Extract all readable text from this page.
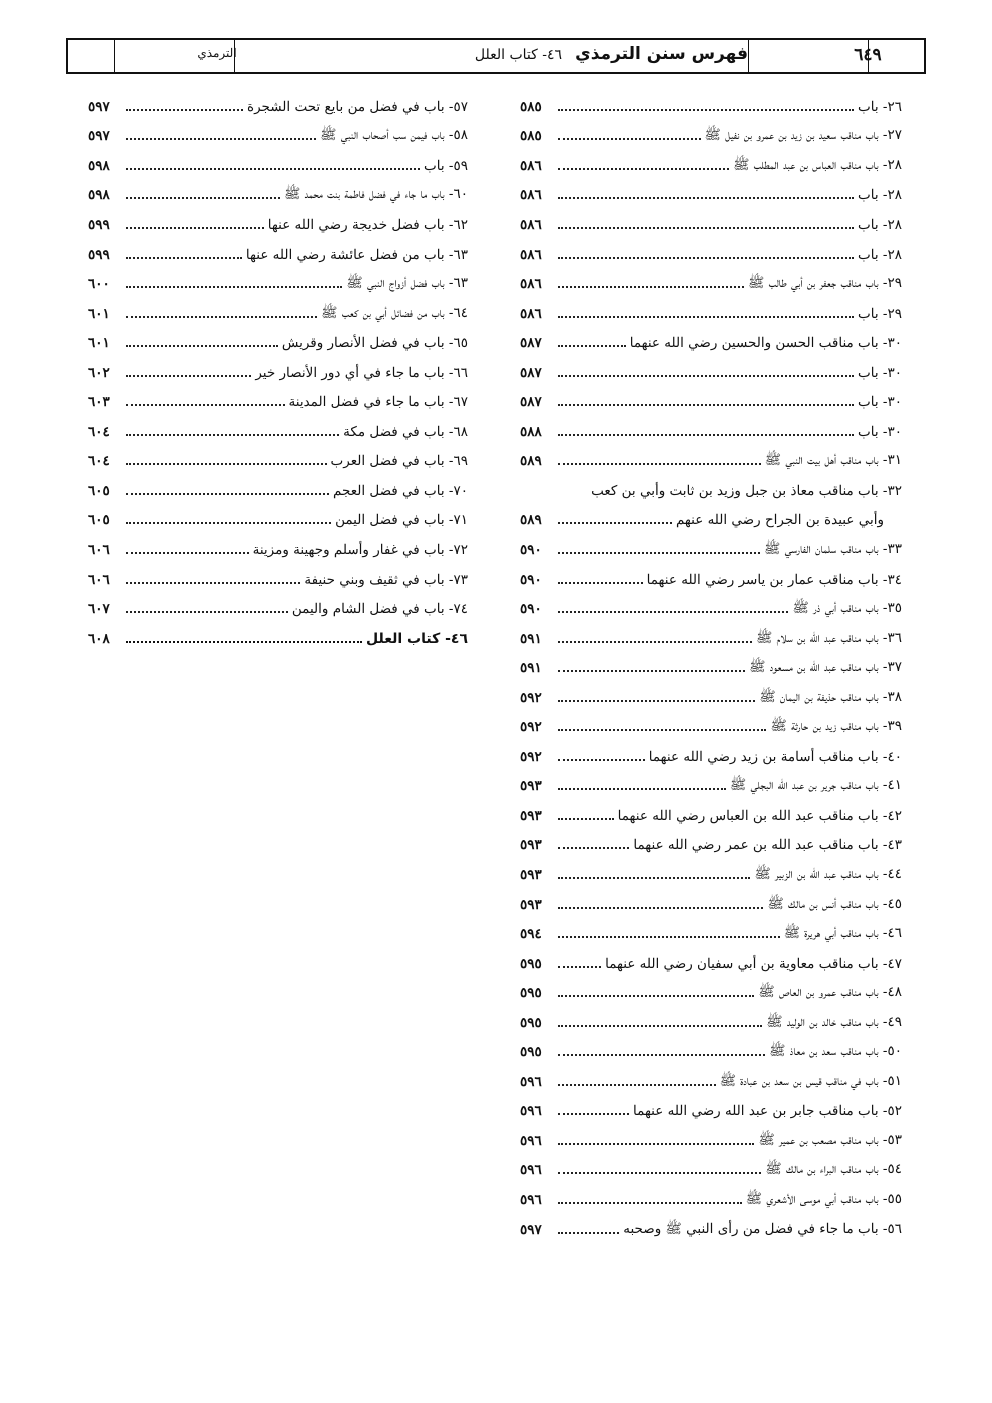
الترمذي	فهرس سنن الترمذي ٤٦- كتاب العلل	٦٤٩
٢٦- باب
٥٨٥
٢٧- باب مناقب سعيد بن زيد بن عمرو بن نفيل ﷺ
٥٨٥
٢٨- باب مناقب العباس بن عبد المطلب ﷺ
٥٨٦
٢٨- باب
٥٨٦
٢٨- باب
٥٨٦
٢٨- باب
٥٨٦
٢٩- باب مناقب جعفر بن أبي طالب ﷺ
٥٨٦
٢٩- باب
٥٨٦
٣٠- باب مناقب الحسن والحسين رضي الله عنهما
٥٨٧
٣٠- باب
٥٨٧
٣٠- باب
٥٨٧
٣٠- باب
٥٨٨
٣١- باب مناقب أهل بيت النبي ﷺ
٥٨٩
٣٢- باب مناقب معاذ بن جبل وزيد بن ثابت وأبي بن كعب
وأبي عبيدة بن الجراح رضي الله عنهم
٥٨٩
٣٣- باب مناقب سلمان الفارسي ﷺ
٥٩٠
٣٤- باب مناقب عمار بن ياسر رضي الله عنهما
٥٩٠
٣٥- باب مناقب أبي ذر ﷺ
٥٩٠
٣٦- باب مناقب عبد الله بن سلام ﷺ
٥٩١
٣٧- باب مناقب عبد الله بن مسعود ﷺ
٥٩١
٣٨- باب مناقب حذيفة بن اليمان ﷺ
٥٩٢
٣٩- باب مناقب زيد بن حارثة ﷺ
٥٩٢
٤٠- باب مناقب أسامة بن زيد رضي الله عنهما
٥٩٢
٤١- باب مناقب جرير بن عبد الله البجلي ﷺ
٥٩٣
٤٢- باب مناقب عبد الله بن العباس رضي الله عنهما
٥٩٣
٤٣- باب مناقب عبد الله بن عمر رضي الله عنهما
٥٩٣
٤٤- باب مناقب عبد الله بن الزبير ﷺ
٥٩٣
٤٥- باب مناقب أنس بن مالك ﷺ
٥٩٣
٤٦- باب مناقب أبي هريرة ﷺ
٥٩٤
٤٧- باب مناقب معاوية بن أبي سفيان رضي الله عنهما
٥٩٥
٤٨- باب مناقب عمرو بن العاص ﷺ
٥٩٥
٤٩- باب مناقب خالد بن الوليد ﷺ
٥٩٥
٥٠- باب مناقب سعد بن معاذ ﷺ
٥٩٥
٥١- باب في مناقب قيس بن سعد بن عبادة ﷺ
٥٩٦
٥٢- باب مناقب جابر بن عبد الله رضي الله عنهما
٥٩٦
٥٣- باب مناقب مصعب بن عمير ﷺ
٥٩٦
٥٤- باب مناقب البراء بن مالك ﷺ
٥٩٦
٥٥- باب مناقب أبي موسى الأشعري ﷺ
٥٩٦
٥٦- باب ما جاء في فضل من رأى النبي ﷺ وصحبه
٥٩٧
٥٧- باب في فضل من بايع تحت الشجرة
٥٩٧
٥٨- باب فيمن سب أصحاب النبي ﷺ
٥٩٧
٥٩- باب
٥٩٨
٦٠- باب ما جاء في فضل فاطمة بنت محمد ﷺ
٥٩٨
٦٢- باب فضل خديجة رضي الله عنها
٥٩٩
٦٣- باب من فضل عائشة رضي الله عنها
٥٩٩
٦٣- باب فضل أزواج النبي ﷺ
٦٠٠
٦٤- باب من فضائل أبي بن كعب ﷺ
٦٠١
٦٥- باب في فضل الأنصار وقريش
٦٠١
٦٦- باب ما جاء في أي دور الأنصار خير
٦٠٢
٦٧- باب ما جاء في فضل المدينة
٦٠٣
٦٨- باب في فضل مكة
٦٠٤
٦٩- باب في فضل العرب
٦٠٤
٧٠- باب في فضل العجم
٦٠٥
٧١- باب في فضل اليمن
٦٠٥
٧٢- باب في غفار وأسلم وجهينة ومزينة
٦٠٦
٧٣- باب في ثقيف وبني حنيفة
٦٠٦
٧٤- باب في فضل الشام واليمن
٦٠٧
٤٦- كتاب العلل
٦٠٨
